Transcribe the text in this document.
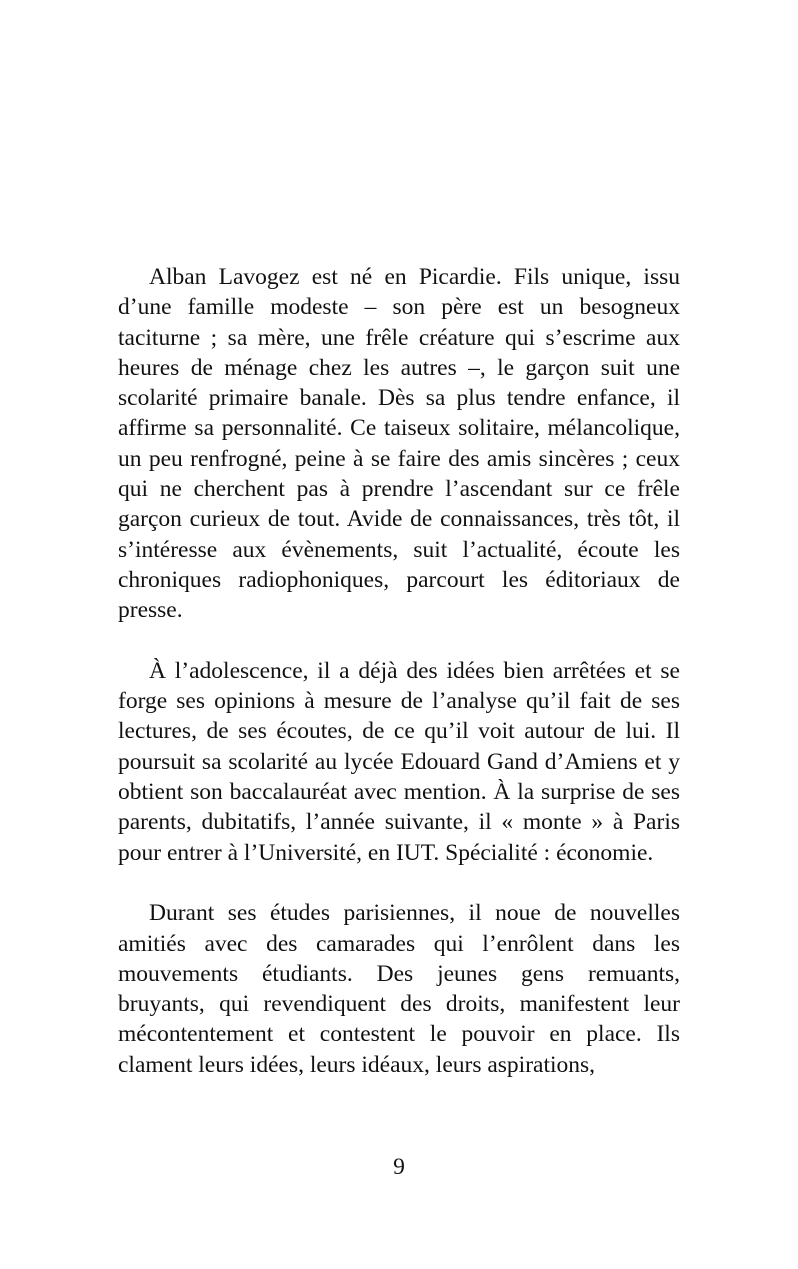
Alban Lavogez est né en Picardie. Fils unique, issu d’une famille modeste – son père est un besogneux taciturne ; sa mère, une frêle créature qui s’escrime aux heures de ménage chez les autres –, le garçon suit une scolarité primaire banale. Dès sa plus tendre enfance, il affirme sa personnalité. Ce taiseux solitaire, mélancolique, un peu renfrogné, peine à se faire des amis sincères ; ceux qui ne cherchent pas à prendre l’ascendant sur ce frêle garçon curieux de tout. Avide de connaissances, très tôt, il s’intéresse aux évènements, suit l’actualité, écoute les chroniques radiophoniques, parcourt les éditoriaux de presse.

À l’adolescence, il a déjà des idées bien arrêtées et se forge ses opinions à mesure de l’analyse qu’il fait de ses lectures, de ses écoutes, de ce qu’il voit autour de lui. Il poursuit sa scolarité au lycée Edouard Gand d’Amiens et y obtient son baccalauréat avec mention. À la surprise de ses parents, dubitatifs, l’année suivante, il « monte » à Paris pour entrer à l’Université, en IUT. Spécialité : économie.

Durant ses études parisiennes, il noue de nouvelles amitiés avec des camarades qui l’enrôlent dans les mouvements étudiants. Des jeunes gens remuants, bruyants, qui revendiquent des droits, manifestent leur mécontentement et contestent le pouvoir en place. Ils clament leurs idées, leurs idéaux, leurs aspirations,

9
